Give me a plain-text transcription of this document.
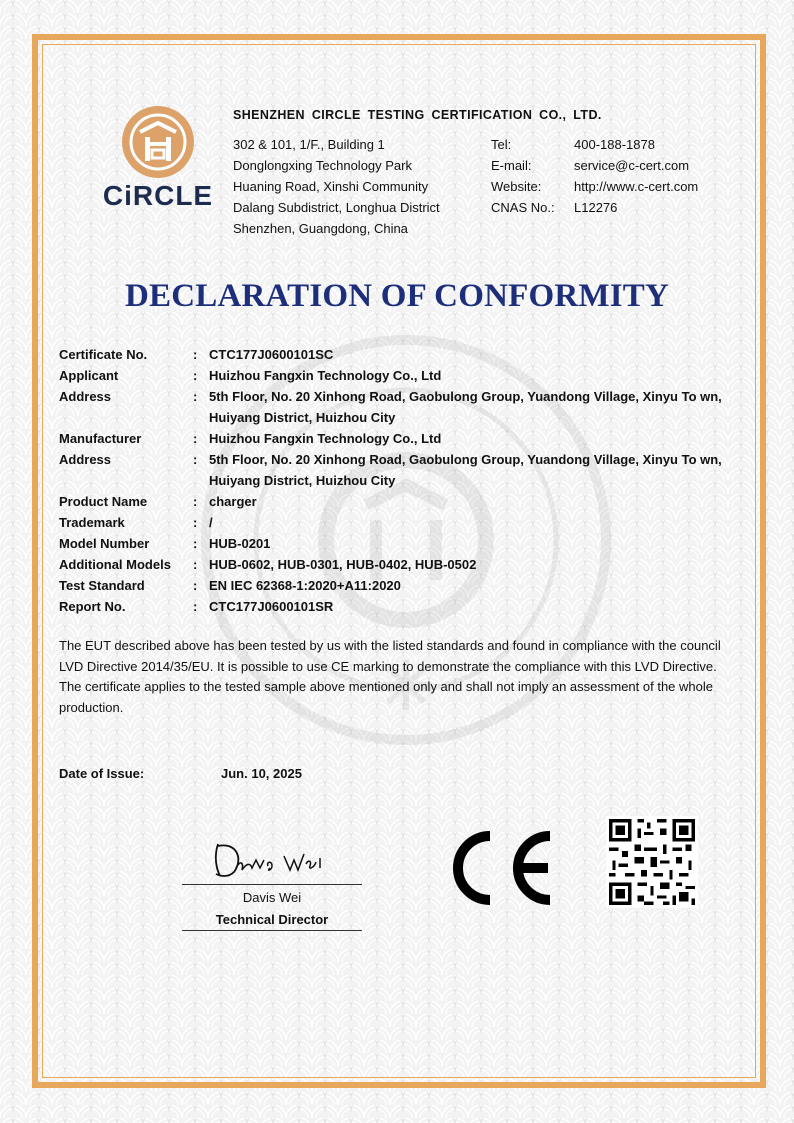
CiRCLE
SHENZHEN CIRCLE TESTING CERTIFICATION CO., LTD.
302 & 101, 1/F., Building 1
Donglongxing Technology Park
Huaning Road, Xinshi Community
Dalang Subdistrict, Longhua District
Shenzhen, Guangdong, China
Tel:	400-188-1878
E-mail:	service@c-cert.com
Website:	http://www.c-cert.com
CNAS No.:	L12276
DECLARATION OF CONFORMITY
Certificate No.	: CTC177J0600101SC
Applicant	: Huizhou Fangxin Technology Co., Ltd
Address	: 5th Floor, No. 20 Xinhong Road, Gaobulong Group, Yuandong Village, Xinyu To wn, Huiyang District, Huizhou City
Manufacturer	: Huizhou Fangxin Technology Co., Ltd
Address	: 5th Floor, No. 20 Xinhong Road, Gaobulong Group, Yuandong Village, Xinyu To wn, Huiyang District, Huizhou City
Product Name	: charger
Trademark	: /
Model Number	: HUB-0201
Additional Models	: HUB-0602, HUB-0301, HUB-0402, HUB-0502
Test Standard	: EN IEC 62368-1:2020+A11:2020
Report No.	: CTC177J0600101SR

The EUT described above has been tested by us with the listed standards and found in compliance with the council LVD Directive 2014/35/EU. It is possible to use CE marking to demonstrate the compliance with this LVD Directive.

The certificate applies to the tested sample above mentioned only and shall not imply an assessment of the whole production.

Date of Issue:	Jun. 10, 2025
Davis Wei
Technical Director
